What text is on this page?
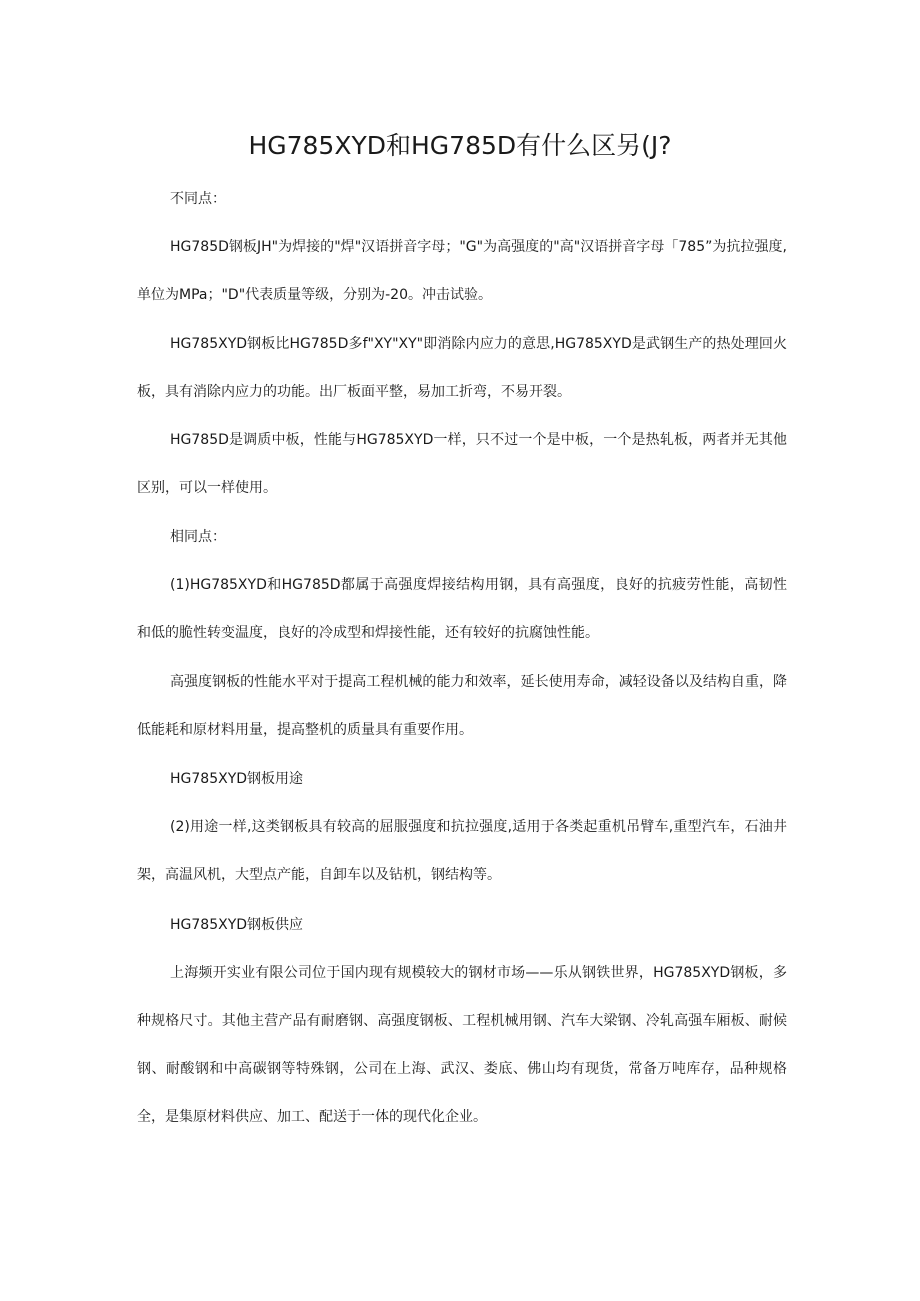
HG785XYD和HG785D有什么区另(J?

不同点：

HG785D钢板JH"为焊接的"焊"汉语拼音字母；"G"为高强度的"高"汉语拼音字母「785”为抗拉强度,单位为MPa；"D"代表质量等级，分别为-20。冲击试验。

HG785XYD钢板比HG785D多f"XY"XY"即消除内应力的意思,HG785XYD是武钢生产的热处理回火板，具有消除内应力的功能。出厂板面平整，易加工折弯，不易开裂。

HG785D是调质中板，性能与HG785XYD一样，只不过一个是中板，一个是热轧板，两者并无其他区别，可以一样使用。

相同点：

(1)HG785XYD和HG785D都属于高强度焊接结构用钢，具有高强度，良好的抗疲劳性能，高韧性和低的脆性转变温度，良好的冷成型和焊接性能，还有较好的抗腐蚀性能。

高强度钢板的性能水平对于提高工程机械的能力和效率，延长使用寿命，减轻设备以及结构自重，降低能耗和原材料用量，提高整机的质量具有重要作用。

HG785XYD钢板用途

(2)用途一样,这类钢板具有较高的屈服强度和抗拉强度,适用于各类起重机吊臂车,重型汽车，石油井架，高温风机，大型点产能，自卸车以及钻机，钢结构等。

HG785XYD钢板供应

上海频开实业有限公司位于国内现有规模较大的钢材市场——乐从钢铁世界，HG785XYD钢板，多种规格尺寸。其他主营产品有耐磨钢、高强度钢板、工程机械用钢、汽车大梁钢、冷轧高强车厢板、耐候钢、耐酸钢和中高碳钢等特殊钢，公司在上海、武汉、娄底、佛山均有现货，常备万吨库存，品种规格全，是集原材料供应、加工、配送于一体的现代化企业。
